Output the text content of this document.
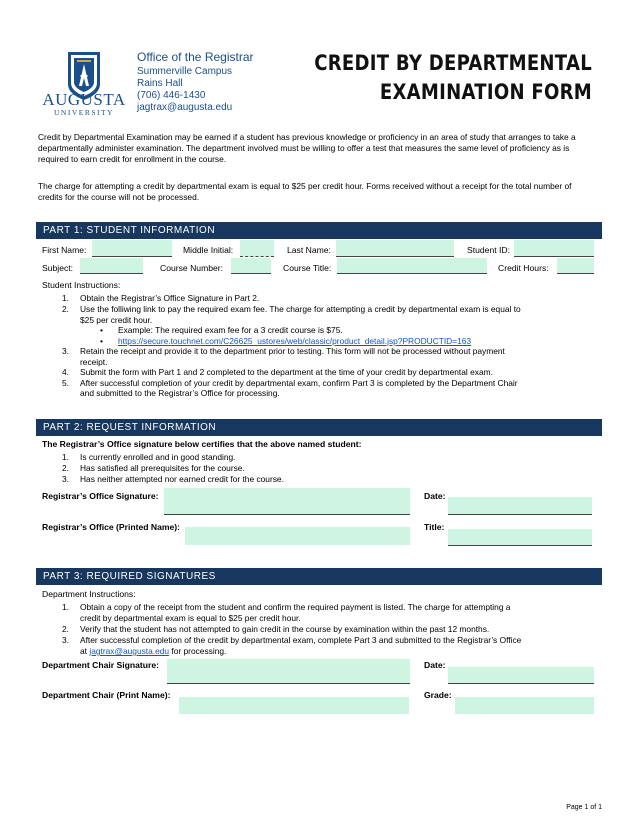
AUGUSTA
UNIVERSITY
Office of the Registrar
Summerville Campus
Rains Hall
(706) 446-1430
jagtrax@augusta.edu
CREDIT BY DEPARTMENTAL
EXAMINATION FORM
Credit by Departmental Examination may be earned if a student has previous knowledge or proficiency in an area of study that arranges to take a departmentally administer examination. The department involved must be willing to offer a test that measures the same level of proficiency as is required to earn credit for enrollment in the course.
The charge for attempting a credit by departmental exam is equal to $25 per credit hour. Forms received without a receipt for the total number of credits for the course will not be processed.
PART 1: STUDENT INFORMATION
First Name:	Middle Initial:	Last Name:	Student ID:
Subject:	Course Number:	Course Title:	Credit Hours:
Student Instructions:
1. Obtain the Registrar’s Office Signature in Part 2.
2. Use the folliwing link to pay the required exam fee. The charge for attempting a credit by departmental exam is equal to
$25 per credit hour.
• Example: The required exam fee for a 3 credit course is $75.
• https://secure.touchnet.com/C26625_ustores/web/classic/product_detail.jsp?PRODUCTID=163
3. Retain the receipt and provide it to the department prior to testing. This form will not be processed without payment
receipt.
4. Submit the form with Part 1 and 2 completed to the department at the time of your credit by departmental exam.
5. After successful completion of your credit by departmental exam, confirm Part 3 is completed by the Department Chair
and submitted to the Registrar’s Office for processing.
PART 2: REQUEST INFORMATION
The Registrar’s Office signature below certifies that the above named student:
1. Is currently enrolled and in good standing.
2. Has satisfied all prerequisites for the course.
3. Has neither attempted nor earned credit for the course.
Registrar’s Office Signature:	Date:
Registrar’s Office (Printed Name):	Title:
PART 3: REQUIRED SIGNATURES
Department Instructions:
1. Obtain a copy of the receipt from the student and confirm the required payment is listed. The charge for attempting a
credit by departmental exam is equal to $25 per credit hour.
2. Verify that the student has not attempted to gain credit in the course by examination within the past 12 months.
3. After successful completion of the credit by departmental exam, complete Part 3 and submitted to the Registrar’s Office
at jagtrax@augusta.edu for processing.
Department Chair Signature:	Date:
Department Chair (Print Name):	Grade:
Page 1 of 1
